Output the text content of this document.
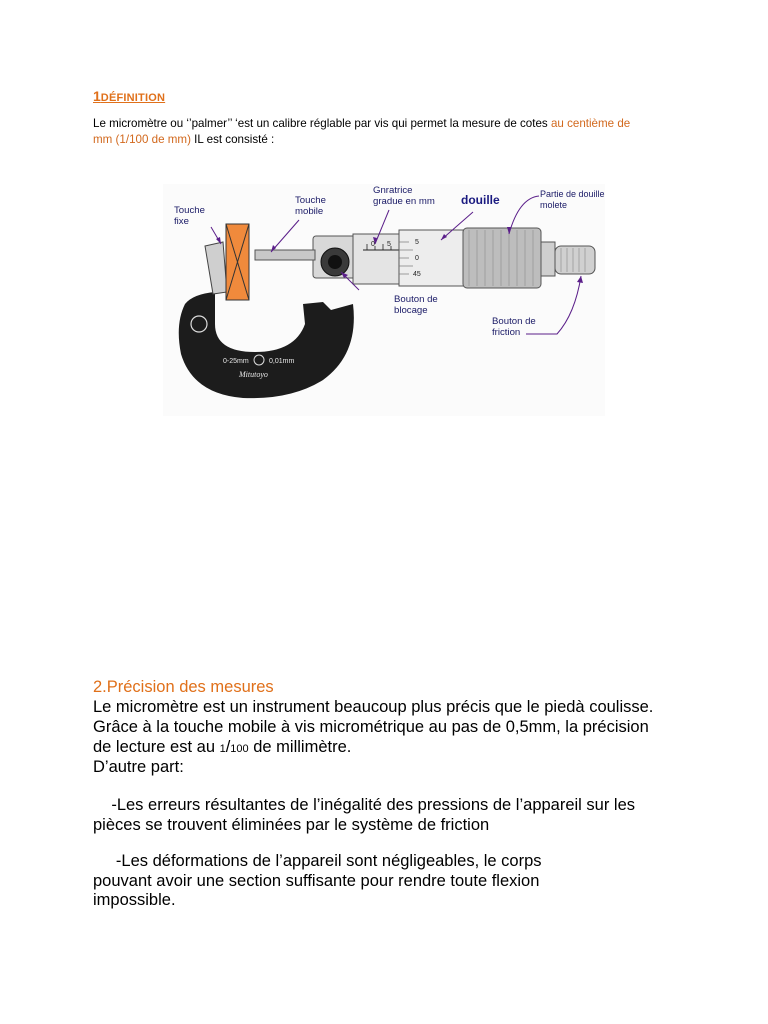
1DÉFINITION

Le micromètre ou ‘’palmer’’ ‘est un calibre réglable par vis qui permet la mesure de cotes au centième de
mm (1/100 de mm) IL est consisté :

0-25mm	0,01mm
Mitutoyo
0 5	5
0
45
Touche
fixe
Touche
mobile
Gnratrice
gradue en mm douille	Partie de douille
molete
Bouton de
blocage
Bouton de
friction
2.Précision des mesures

Le micromètre est un instrument beaucoup plus précis que le piedà coulisse.

Grâce à la touche mobile à vis micrométrique au pas de 0,5mm, la précision

de lecture est au 1/100 de millimètre.

D’autre part:

-Les erreurs résultantes de l’inégalité des pressions de l’appareil sur les

pièces se trouvent éliminées par le système de friction

-Les déformations de l’appareil sont négligeables, le corps

pouvant avoir une section suffisante pour rendre toute flexion

impossible.
